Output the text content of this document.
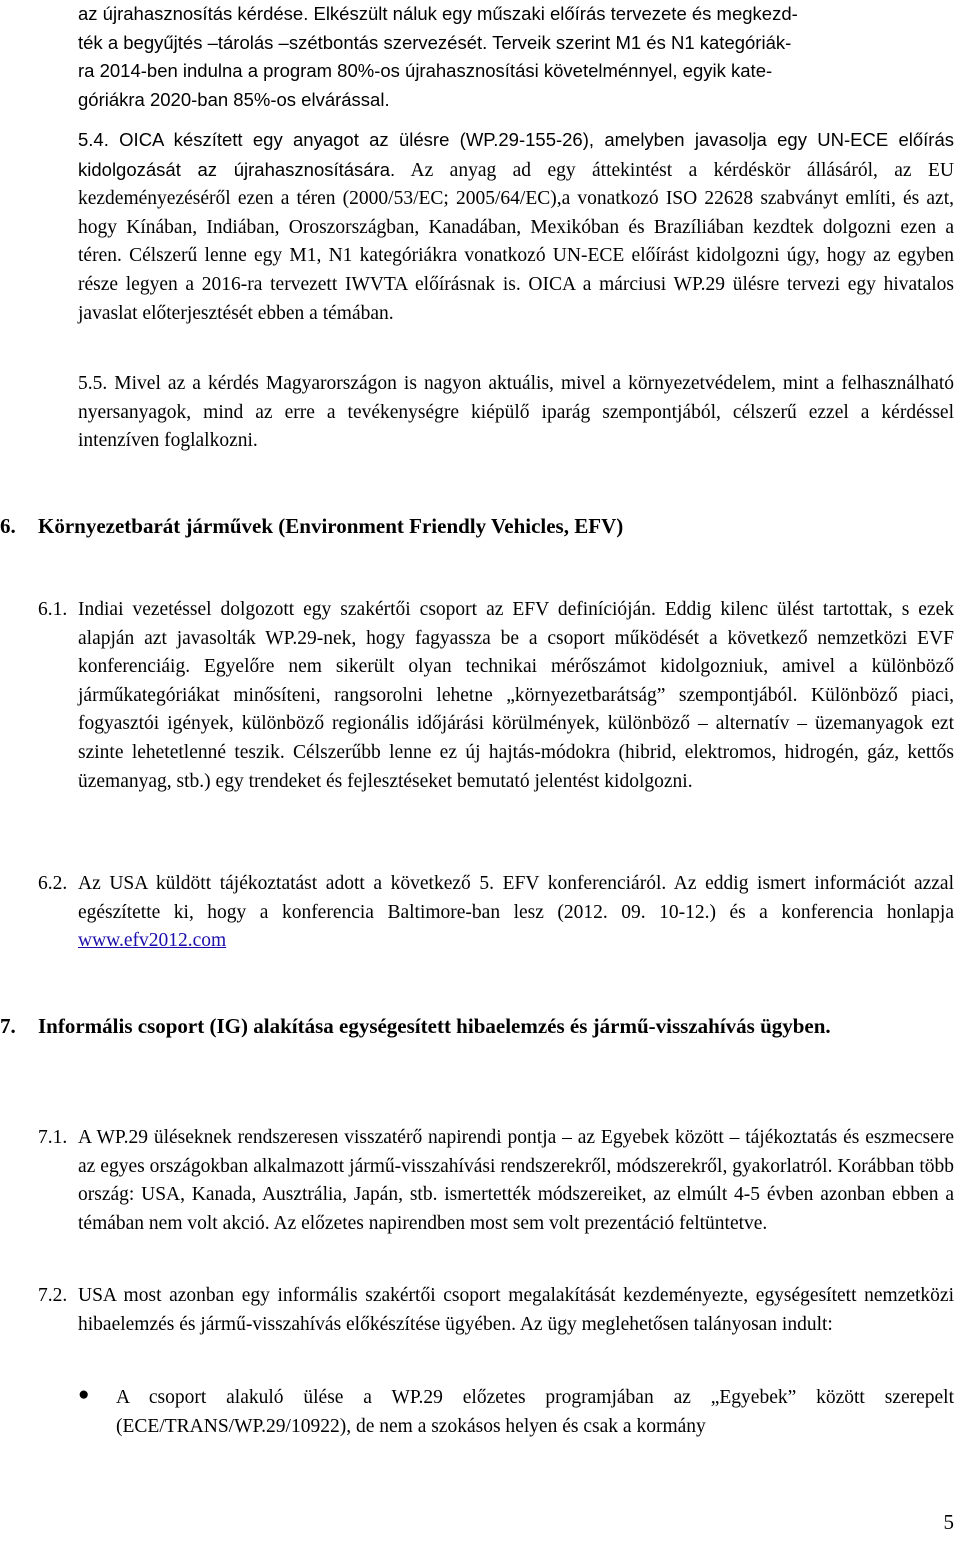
az újrahasznosítás kérdése. Elkészült náluk egy műszaki előírás tervezete és megkezd-
ték a begyűjtés –tárolás –szétbontás szervezését. Terveik szerint M1 és N1 kategóriák-
ra 2014-ben indulna a program 80%-os újrahasznosítási követelménnyel, egyik kate-
góriákra 2020-ban 85%-os elvárással.
5.4. OICA készített egy anyagot az ülésre (WP.29-155-26), amelyben javasolja egy UN-ECE előírás kidolgozását az újrahasznosítására. Az anyag ad egy áttekintést a kérdéskör állásáról, az EU kezdeményezéséről ezen a téren (2000/53/EC; 2005/64/EC),a vonatkozó ISO 22628 szabványt említi, és azt, hogy Kínában, Indiában, Oroszországban, Kanadában, Mexikóban és Brazíliában kezdtek dolgozni ezen a téren. Célszerű lenne egy M1, N1 kategóriákra vonatkozó UN-ECE előírást kidolgozni úgy, hogy az egyben része legyen a 2016-ra tervezett IWVTA előírásnak is. OICA a márciusi WP.29 ülésre tervezi egy hivatalos javaslat előterjesztését ebben a témában.
5.5. Mivel az a kérdés Magyarországon is nagyon aktuális, mivel a környezetvédelem, mint a felhasználható nyersanyagok, mind az erre a tevékenységre kiépülő iparág szempontjából, célszerű ezzel a kérdéssel intenzíven foglalkozni.
6. Környezetbarát járművek (Environment Friendly Vehicles, EFV)
6.1. Indiai vezetéssel dolgozott egy szakértői csoport az EFV definícióján. Eddig kilenc ülést tartottak, s ezek alapján azt javasolták WP.29-nek, hogy fagyassza be a csoport működését a következő nemzetközi EVF konferenciáig. Egyelőre nem sikerült olyan technikai mérőszámot kidolgozniuk, amivel a különböző járműkategóriákat minősíteni, rangsorolni lehetne „környezetbarátság” szempontjából. Különböző piaci, fogyasztói igények, különböző regionális időjárási körülmények, különböző – alternatív – üzemanyagok ezt szinte lehetetlenné teszik. Célszerűbb lenne ez új hajtás-módokra (hibrid, elektromos, hidrogén, gáz, kettős üzemanyag, stb.) egy trendeket és fejlesztéseket bemutató jelentést kidolgozni.
6.2. Az USA küldött tájékoztatást adott a következő 5. EFV konferenciáról. Az eddig ismert információt azzal egészítette ki, hogy a konferencia Baltimore-ban lesz (2012. 09. 10-12.) és a konferencia honlapja www.efv2012.com
7. Informális csoport (IG) alakítása egységesített hibaelemzés és jármű-visszahívás ügyben.
7.1. A WP.29 üléseknek rendszeresen visszatérő napirendi pontja – az Egyebek között – tájékoztatás és eszmecsere az egyes országokban alkalmazott jármű-visszahívási rendszerekről, módszerekről, gyakorlatról. Korábban több ország: USA, Kanada, Ausztrália, Japán, stb. ismertették módszereiket, az elmúlt 4-5 évben azonban ebben a témában nem volt akció. Az előzetes napirendben most sem volt prezentáció feltüntetve.
7.2. USA most azonban egy informális szakértői csoport megalakítását kezdeményezte, egységesített nemzetközi hibaelemzés és jármű-visszahívás előkészítése ügyében. Az ügy meglehetősen talányosan indult:
● A csoport alakuló ülése a WP.29 előzetes programjában az „Egyebek” között szerepelt (ECE/TRANS/WP.29/10922), de nem a szokásos helyen és csak a kormány
5
